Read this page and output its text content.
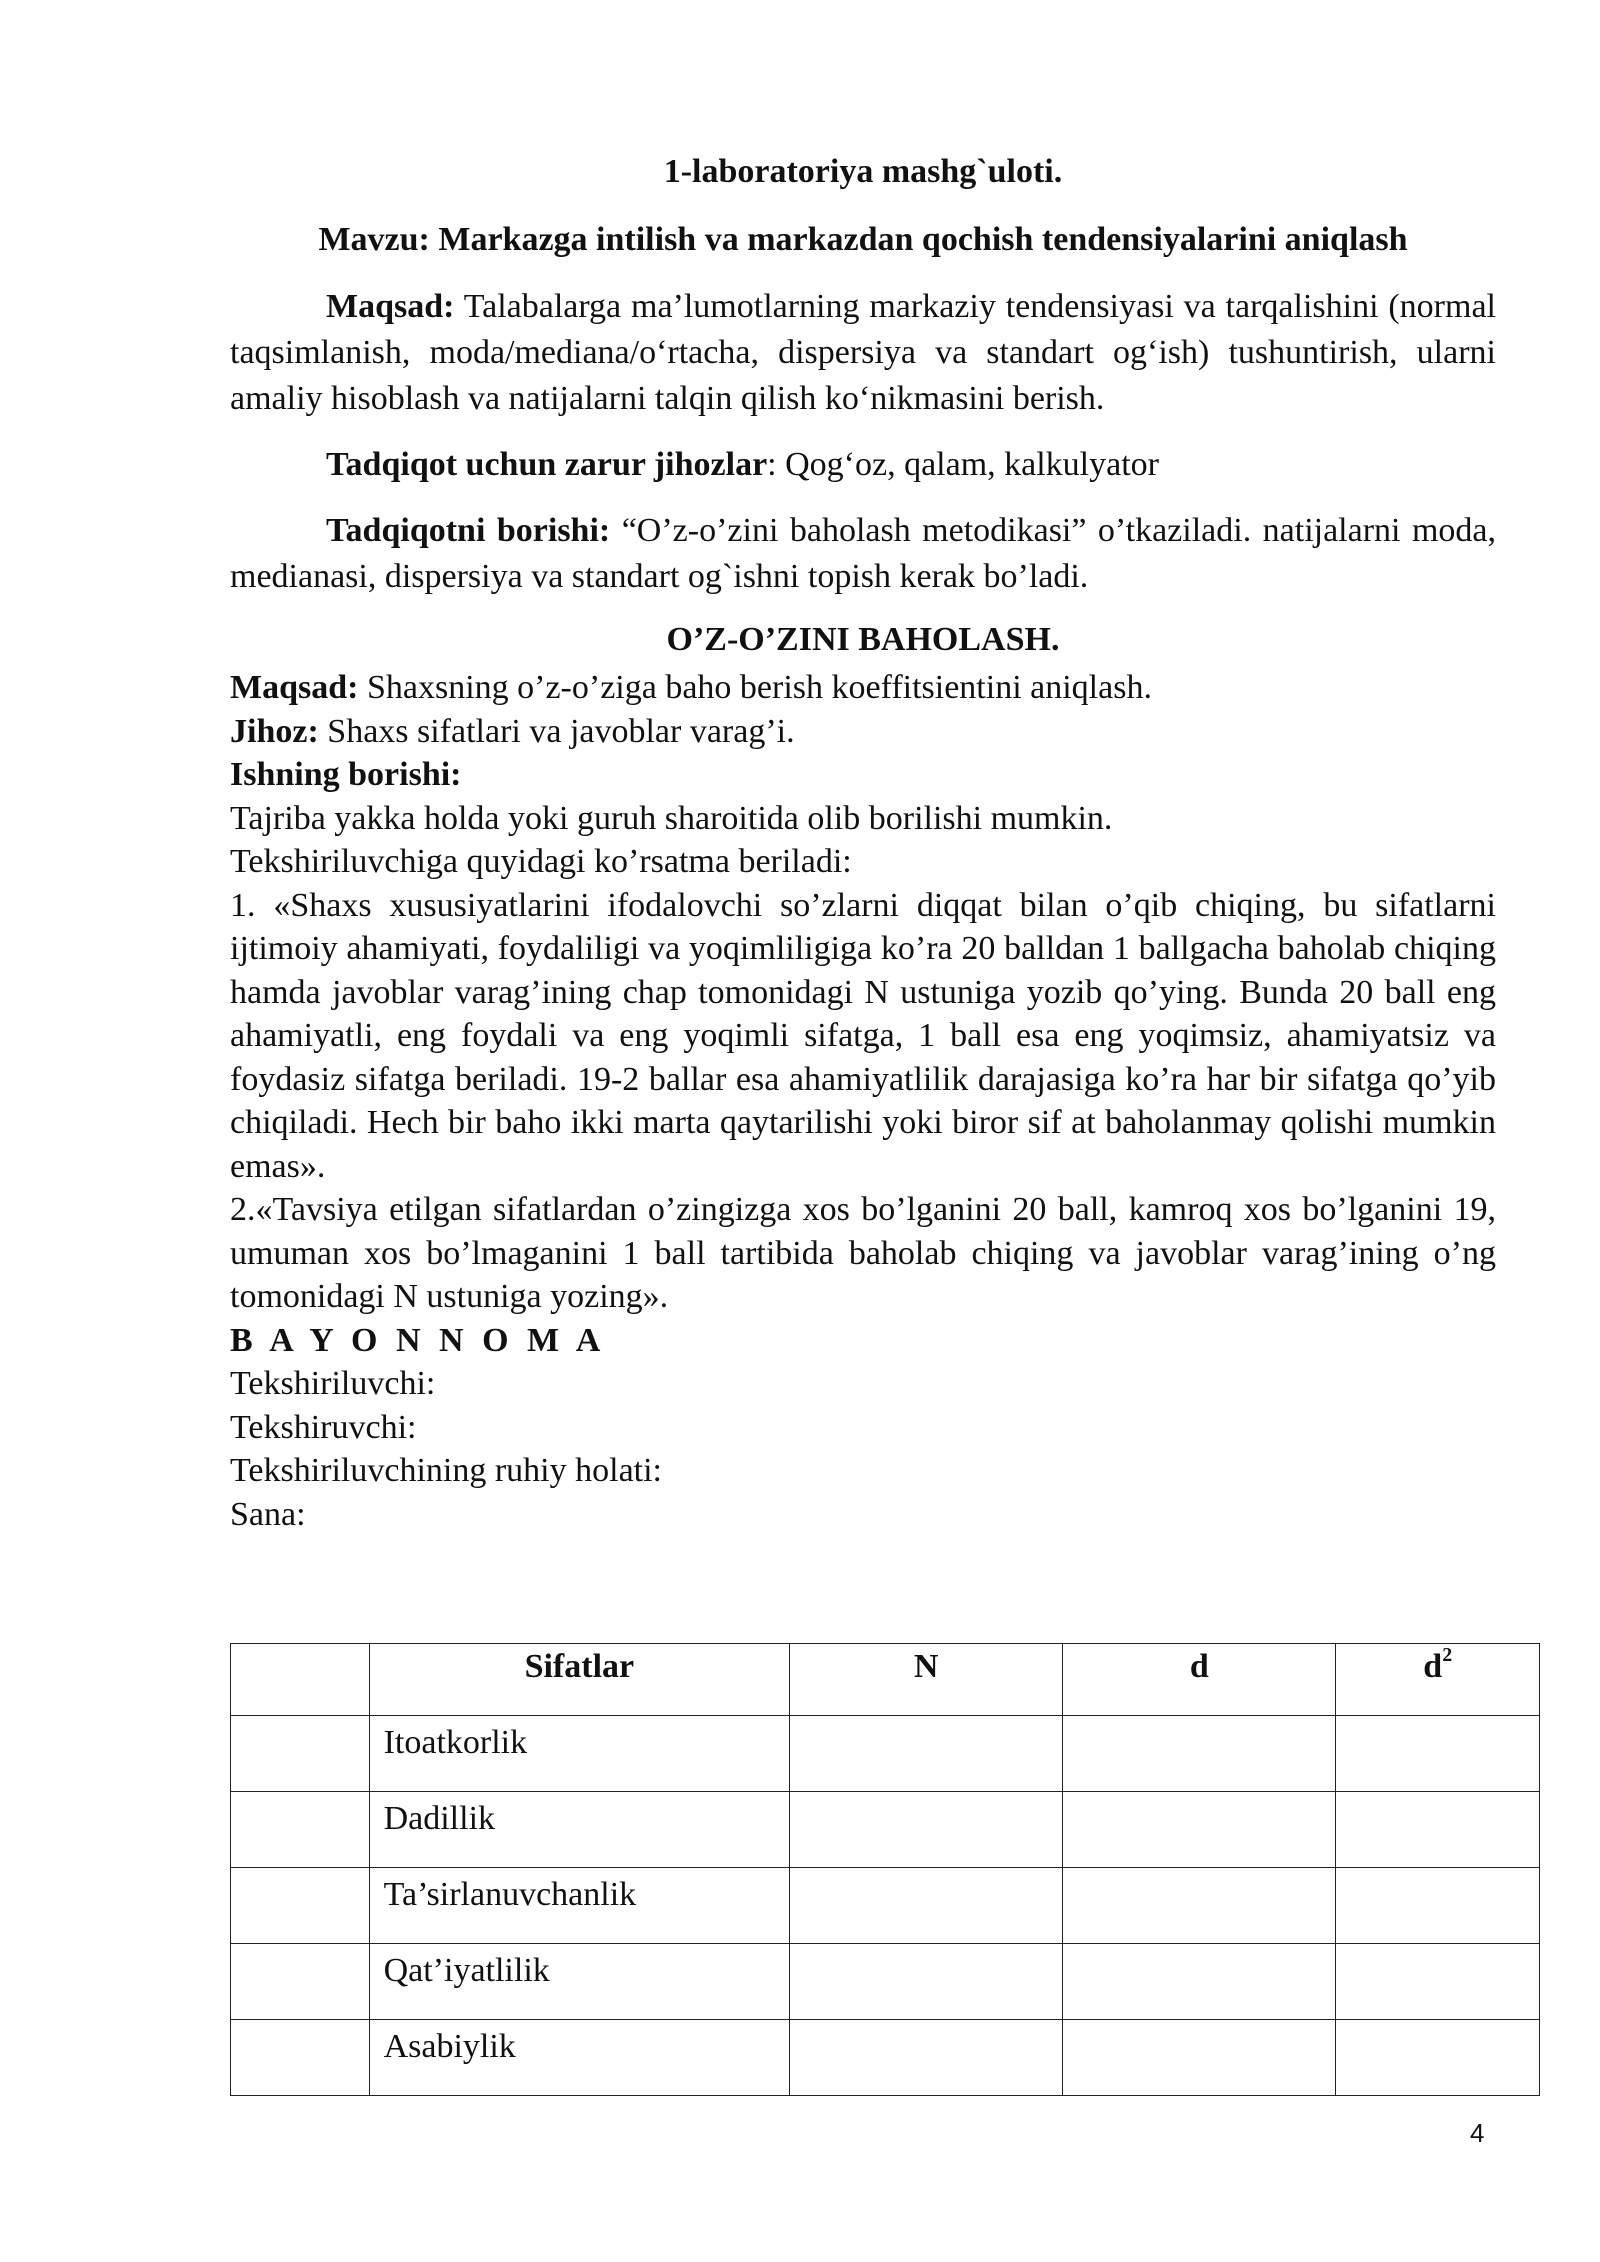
1-laboratoriya mashg`uloti.
Mavzu: Markazga intilish va markazdan qochish tendensiyalarini aniqlash

Maqsad: Talabalarga ma’lumotlarning markaziy tendensiyasi va tarqalishini (normal taqsimlanish, moda/mediana/o‘rtacha, dispersiya va standart og‘ish) tushuntirish, ularni amaliy hisoblash va natijalarni talqin qilish ko‘nikmasini berish.

Tadqiqot uchun zarur jihozlar: Qog‘oz, qalam, kalkulyator

Tadqiqotni borishi: “O’z-o’zini baholash metodikasi” o’tkaziladi. natijalarni moda, medianasi, dispersiya va standart og`ishni topish kerak bo’ladi.

O’Z-O’ZINI BAHOLASH.

Maqsad: Shaxsning o’z-o’ziga baho berish koeffitsientini aniqlash.

Jihoz: Shaxs sifatlari va javoblar varag’i.

Ishning borishi:

Tajriba yakka holda yoki guruh sharoitida olib borilishi mumkin.

Tekshiriluvchiga quyidagi ko’rsatma beriladi:

1. «Shaxs xususiyatlarini ifodalovchi so’zlarni diqqat bilan o’qib chiqing, bu sifatlarni ijtimoiy ahamiyati, foydaliligi va yoqimliligiga ko’ra 20 balldan 1 ballgacha baholab chiqing hamda javoblar varag’ining chap tomonidagi N ustuniga yozib qo’ying. Bunda 20 ball eng ahamiyatli, eng foydali va eng yoqimli sifatga, 1 ball esa eng yoqimsiz, ahamiyatsiz va foydasiz sifatga beriladi. 19-2 ballar esa ahamiyatlilik darajasiga ko’ra har bir sifatga qo’yib chiqiladi. Hech bir baho ikki marta qaytarilishi yoki biror sif at baholanmay qolishi mumkin emas».

2.«Tavsiya etilgan sifatlardan o’zingizga xos bo’lganini 20 ball, kamroq xos bo’lganini 19, umuman xos bo’lmaganini 1 ball tartibida baholab chiqing va javoblar varag’ining o’ng tomonidagi N ustuniga yozing».

B A Y O N N O M A

Tekshiriluvchi:

Tekshiruvchi:

Tekshiriluvchining ruhiy holati:

Sana:

	Sifatlar	N	d	$d^2$
	Itoatkorlik			
	Dadillik			
	Ta’sirlanuvchanlik			
	Qat’iyatlilik			
	Asabiylik			
4
